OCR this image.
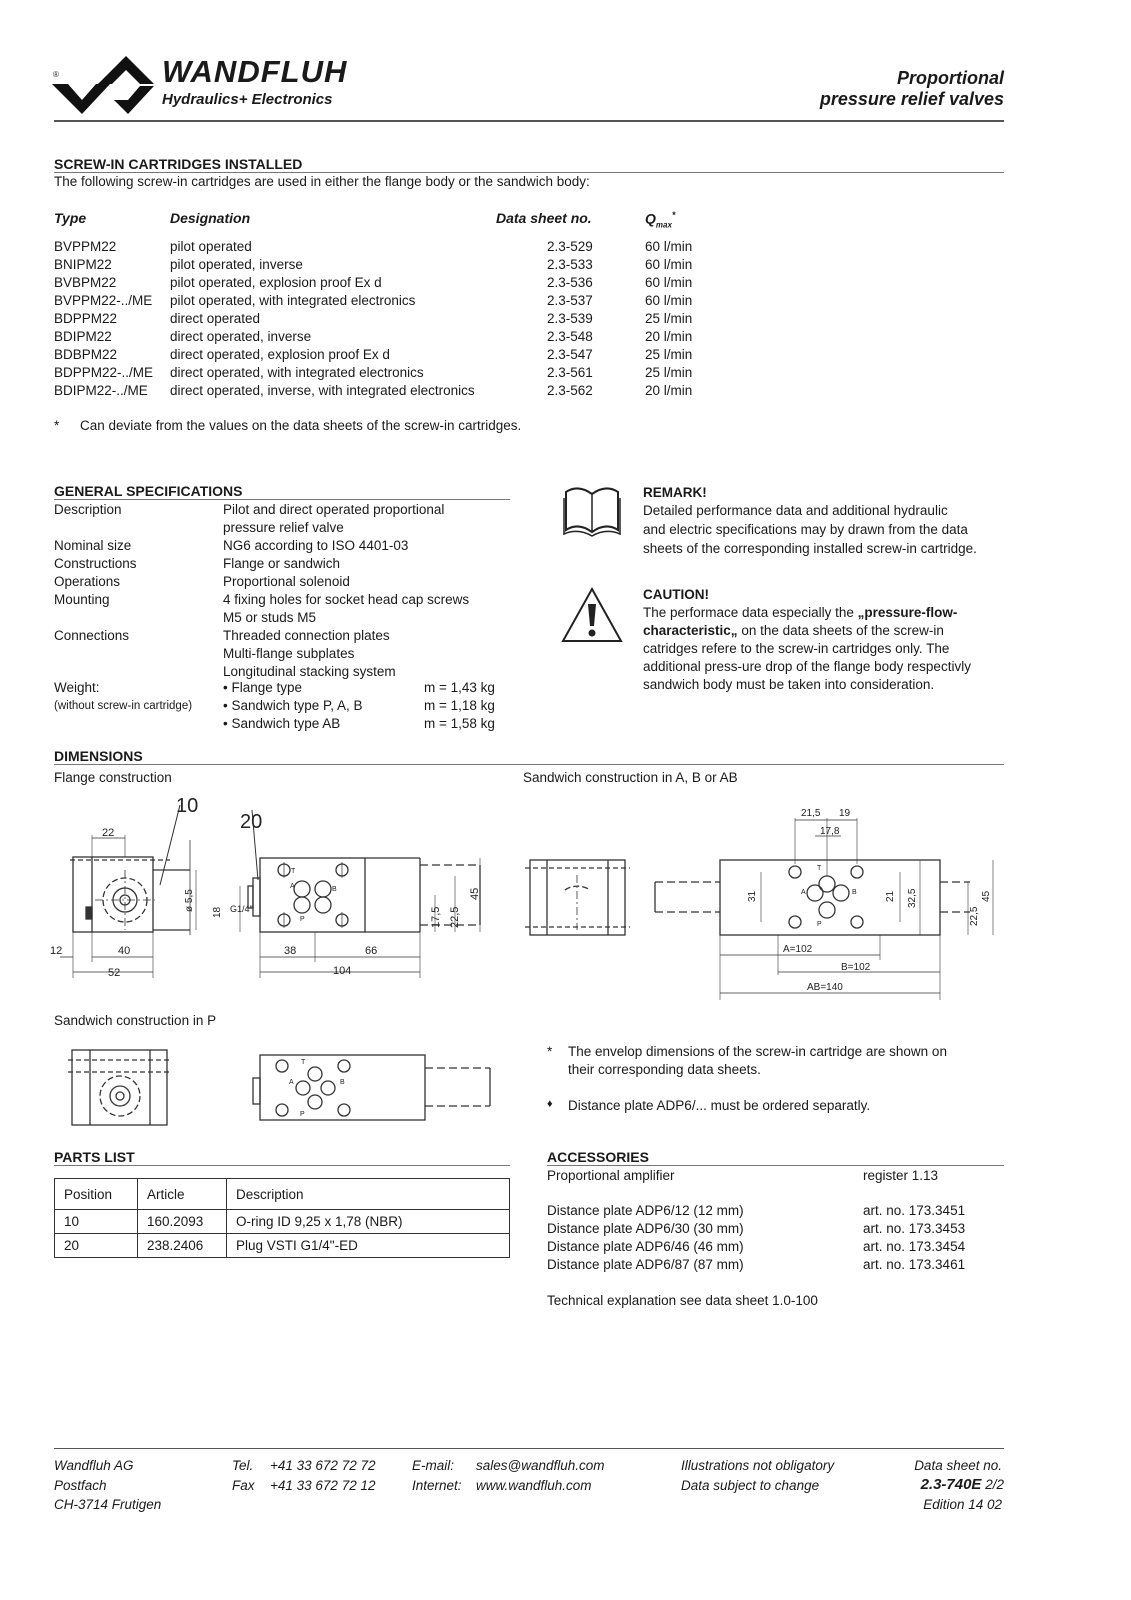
®	WANDFLUH
Hydraulics+ Electronics
Proportional
pressure relief valves
SCREW-IN CARTRIDGES INSTALLED
The following screw-in cartridges are used in either the flange body or the sandwich body:
Type	Designation	Data sheet no.	$Q_{max}^*$
BVPPM22	pilot operated	2.3-529	60 l/min
BNIPM22	pilot operated, inverse	2.3-533	60 l/min
BVBPM22	pilot operated, explosion proof Ex d	2.3-536	60 l/min
BVPPM22-../ME pilot operated, with integrated electronics	2.3-537	60 l/min
BDPPM22	direct operated	2.3-539	25 l/min
BDIPM22	direct operated, inverse	2.3-548	20 l/min
BDBPM22	direct operated, explosion proof Ex d	2.3-547	25 l/min
BDPPM22-../ME direct operated, with integrated electronics	2.3-561	25 l/min
BDIPM22-../ME direct operated, inverse, with integrated electronics	2.3-562	20 l/min
* Can deviate from the values on the data sheets of the screw-in cartridges.
GENERAL SPECIFICATIONS
Description	Pilot and direct operated proportional
pressure relief valve
Nominal size	NG6 according to ISO 4401-03
Constructions	Flange or sandwich
Operations	Proportional solenoid
Mounting	4 fixing holes for socket head cap screws
M5 or studs M5
Connections	Threaded connection plates
Multi-flange subplates
Longitudinal stacking system
Weight:
(without screw-in cartridge)
• Flange type	m = 1,43 kg
• Sandwich type P, A, B	m = 1,18 kg
• Sandwich type AB	m = 1,58 kg
REMARK!
Detailed performance data and additional hydraulic
and electric specifications may by drawn from the data
sheets of the corresponding installed screw-in cartridge.
CAUTION!
The performace data especially the „pressure-flow-
characteristic„ on the data sheets of the screw-in
catridges refere to the screw-in cartridges only. The
additional press-ure drop of the flange body respectivly
sandwich body must be taken into consideration.
DIMENSIONS
Flange construction	Sandwich construction in A, B or AB
10
20
22
40
52
12
ø 5,5
18 G1/4"
38	66
104
17,5 22,5
45
T
A	B
P
21,5 19
17,8
31	21 32,5
22,5
45
A=102
B=102
AB=140
T
A	B
P
Sandwich construction in P
T
A	B
P
* The envelop dimensions of the screw-in cartridge are shown on
their corresponding data sheets.
♦ Distance plate ADP6/... must be ordered separatly.
PARTS LIST
Position	Article	Description
10	160.2093	O-ring ID 9,25 x 1,78 (NBR)
20	238.2406	Plug VSTI G1/4"-ED
ACCESSORIES
Proportional amplifier	register 1.13
Distance plate ADP6/12 (12 mm)	art. no. 173.3451
Distance plate ADP6/30 (30 mm)	art. no. 173.3453
Distance plate ADP6/46 (46 mm)	art. no. 173.3454
Distance plate ADP6/87 (87 mm)	art. no. 173.3461
Technical explanation see data sheet 1.0-100
Wandfluh AG
Postfach
CH-3714 Frutigen
Tel. +41 33 672 72 72
Fax +41 33 672 72 12
E-mail: sales@wandfluh.com
Internet: www.wandfluh.com
Illustrations not obligatory
Data subject to change
Data sheet no.
2.3-740E 2/2
Edition 14 02
